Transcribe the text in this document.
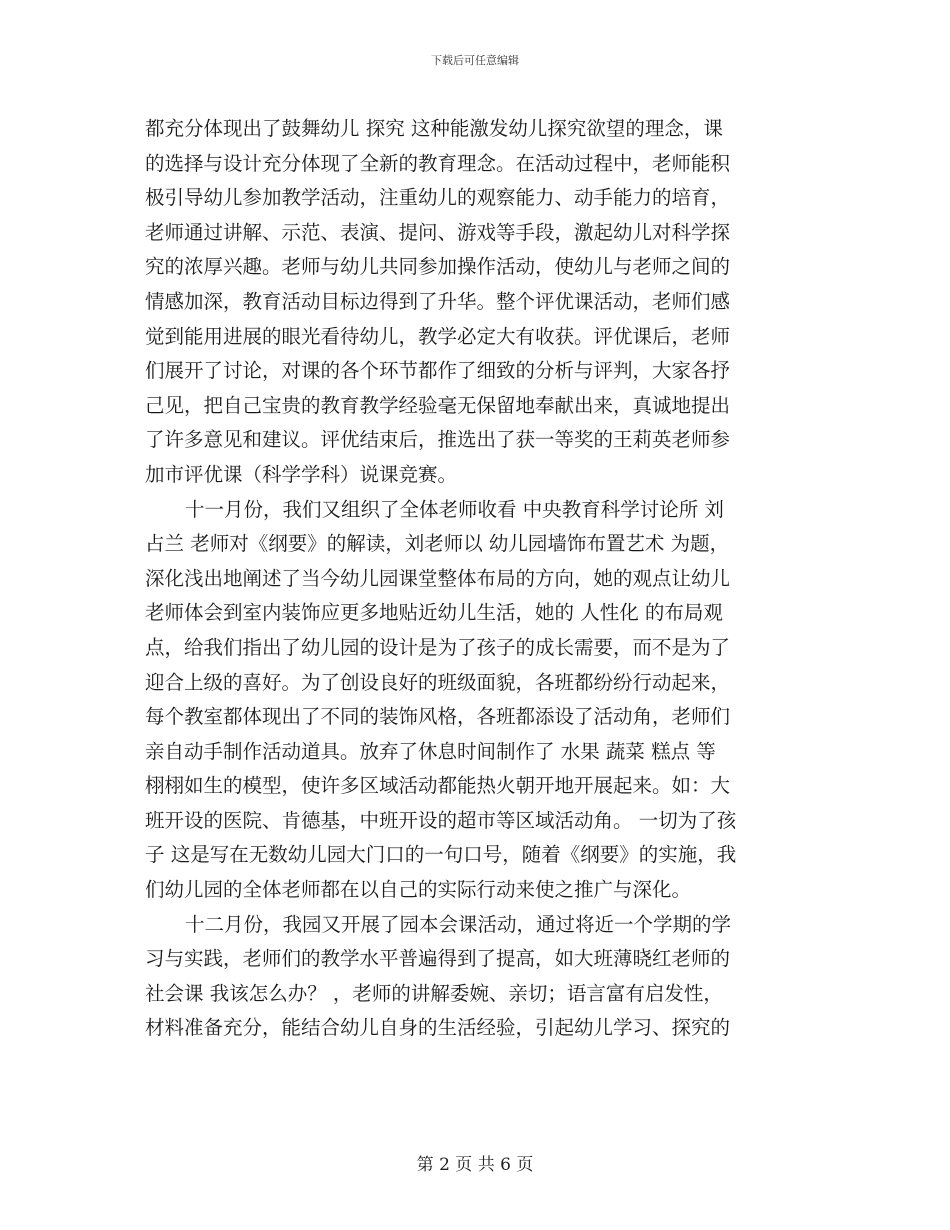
下载后可任意编辑
都充分体现出了鼓舞幼儿 探究 这种能激发幼儿探究欲望的理念，课
的选择与设计充分体现了全新的教育理念。在活动过程中，老师能积
极引导幼儿参加教学活动，注重幼儿的观察能力、动手能力的培育，
老师通过讲解、示范、表演、提问、游戏等手段，激起幼儿对科学探
究的浓厚兴趣。老师与幼儿共同参加操作活动，使幼儿与老师之间的
情感加深，教育活动目标边得到了升华。整个评优课活动，老师们感
觉到能用进展的眼光看待幼儿，教学必定大有收获。评优课后，老师
们展开了讨论，对课的各个环节都作了细致的分析与评判，大家各抒
己见，把自己宝贵的教育教学经验毫无保留地奉献出来，真诚地提出
了许多意见和建议。评优结束后，推选出了获一等奖的王莉英老师参
加市评优课（科学学科）说课竞赛。
十一月份，我们又组织了全体老师收看 中央教育科学讨论所 刘
占兰 老师对《纲要》的解读，刘老师以 幼儿园墙饰布置艺术 为题，
深化浅出地阐述了当今幼儿园课堂整体布局的方向，她的观点让幼儿
老师体会到室内装饰应更多地贴近幼儿生活，她的 人性化 的布局观
点，给我们指出了幼儿园的设计是为了孩子的成长需要，而不是为了
迎合上级的喜好。为了创设良好的班级面貌，各班都纷纷行动起来，
每个教室都体现出了不同的装饰风格，各班都添设了活动角，老师们
亲自动手制作活动道具。放弃了休息时间制作了 水果 蔬菜 糕点 等
栩栩如生的模型，使许多区域活动都能热火朝开地开展起来。如：大
班开设的医院、肯德基，中班开设的超市等区域活动角。 一切为了孩
子 这是写在无数幼儿园大门口的一句口号，随着《纲要》的实施，我
们幼儿园的全体老师都在以自己的实际行动来使之推广与深化。
十二月份，我园又开展了园本会课活动，通过将近一个学期的学
习与实践，老师们的教学水平普遍得到了提高，如大班薄晓红老师的
社会课 我该怎么办？ ，老师的讲解委婉、亲切；语言富有启发性，
材料准备充分，能结合幼儿自身的生活经验，引起幼儿学习、探究的
第 2 页 共 6 页
